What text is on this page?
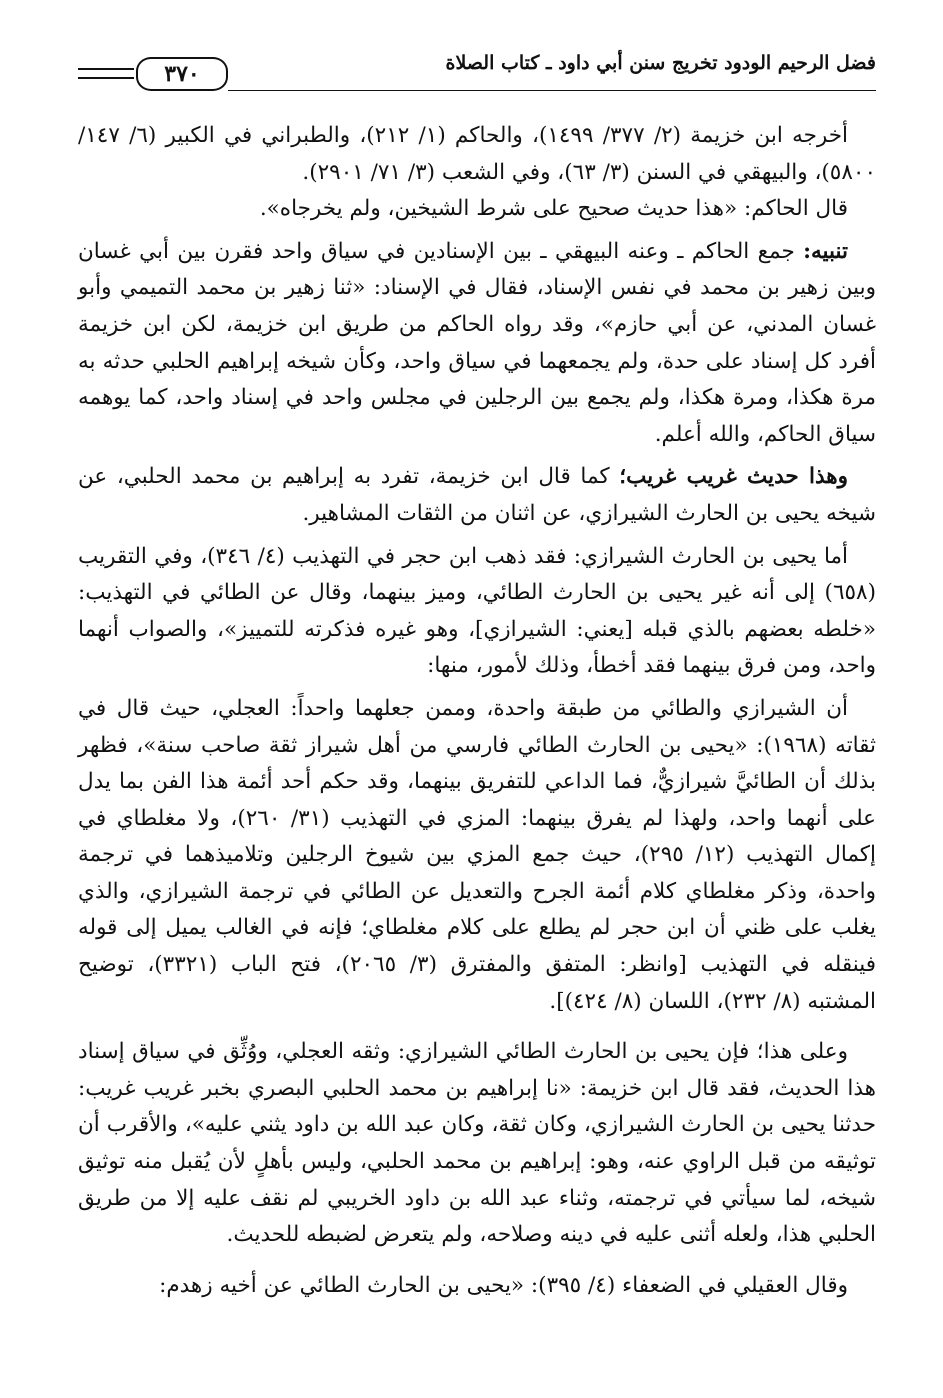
فضل الرحيم الودود تخريج سنن أبي داود ـ كتاب الصلاة
٣٧٠

أخرجه ابن خزيمة (٢/ ٣٧٧/ ١٤٩٩)، والحاكم (١/ ٢١٢)، والطبراني في الكبير (٦/ ١٤٧/ ٥٨٠٠)، والبيهقي في السنن (٣/ ٦٣)، وفي الشعب (٣/ ٧١/ ٢٩٠١).

قال الحاكم: «هذا حديث صحيح على شرط الشيخين، ولم يخرجاه».

تنبيه: جمع الحاكم ـ وعنه البيهقي ـ بين الإسنادين في سياق واحد فقرن بين أبي غسان وبين زهير بن محمد في نفس الإسناد، فقال في الإسناد: «ثنا زهير بن محمد التميمي وأبو غسان المدني، عن أبي حازم»، وقد رواه الحاكم من طريق ابن خزيمة، لكن ابن خزيمة أفرد كل إسناد على حدة، ولم يجمعهما في سياق واحد، وكأن شيخه إبراهيم الحلبي حدثه به مرة هكذا، ومرة هكذا، ولم يجمع بين الرجلين في مجلس واحد في إسناد واحد، كما يوهمه سياق الحاكم، والله أعلم.

وهذا حديث غريب غريب؛ كما قال ابن خزيمة، تفرد به إبراهيم بن محمد الحلبي، عن شيخه يحيى بن الحارث الشيرازي، عن اثنان من الثقات المشاهير.

أما يحيى بن الحارث الشيرازي: فقد ذهب ابن حجر في التهذيب (٤/ ٣٤٦)، وفي التقريب (٦٥٨) إلى أنه غير يحيى بن الحارث الطائي، وميز بينهما، وقال عن الطائي في التهذيب: «خلطه بعضهم بالذي قبله [يعني: الشيرازي]، وهو غيره فذكرته للتمييز»، والصواب أنهما واحد، ومن فرق بينهما فقد أخطأ، وذلك لأمور، منها:

أن الشيرازي والطائي من طبقة واحدة، وممن جعلهما واحداً: العجلي، حيث قال في ثقاته (١٩٦٨): «يحيى بن الحارث الطائي فارسي من أهل شيراز ثقة صاحب سنة»، فظهر بذلك أن الطائيَّ شيرازيٌّ، فما الداعي للتفريق بينهما، وقد حكم أحد أئمة هذا الفن بما يدل على أنهما واحد، ولهذا لم يفرق بينهما: المزي في التهذيب (٣١/ ٢٦٠)، ولا مغلطاي في إكمال التهذيب (١٢/ ٢٩٥)، حيث جمع المزي بين شيوخ الرجلين وتلاميذهما في ترجمة واحدة، وذكر مغلطاي كلام أئمة الجرح والتعديل عن الطائي في ترجمة الشيرازي، والذي يغلب على ظني أن ابن حجر لم يطلع على كلام مغلطاي؛ فإنه في الغالب يميل إلى قوله فينقله في التهذيب [وانظر: المتفق والمفترق (٣/ ٢٠٦٥)، فتح الباب (٣٣٢١)، توضيح المشتبه (٨/ ٢٣٢)، اللسان (٨/ ٤٢٤)].

وعلى هذا؛ فإن يحيى بن الحارث الطائي الشيرازي: وثقه العجلي، ووُثِّق في سياق إسناد هذا الحديث، فقد قال ابن خزيمة: «نا إبراهيم بن محمد الحلبي البصري بخبر غريب غريب: حدثنا يحيى بن الحارث الشيرازي، وكان ثقة، وكان عبد الله بن داود يثني عليه»، والأقرب أن توثيقه من قبل الراوي عنه، وهو: إبراهيم بن محمد الحلبي، وليس بأهلٍ لأن يُقبل منه توثيق شيخه، لما سيأتي في ترجمته، وثناء عبد الله بن داود الخريبي لم نقف عليه إلا من طريق الحلبي هذا، ولعله أثنى عليه في دينه وصلاحه، ولم يتعرض لضبطه للحديث.

وقال العقيلي في الضعفاء (٤/ ٣٩٥): «يحيى بن الحارث الطائي عن أخيه زهدم:
